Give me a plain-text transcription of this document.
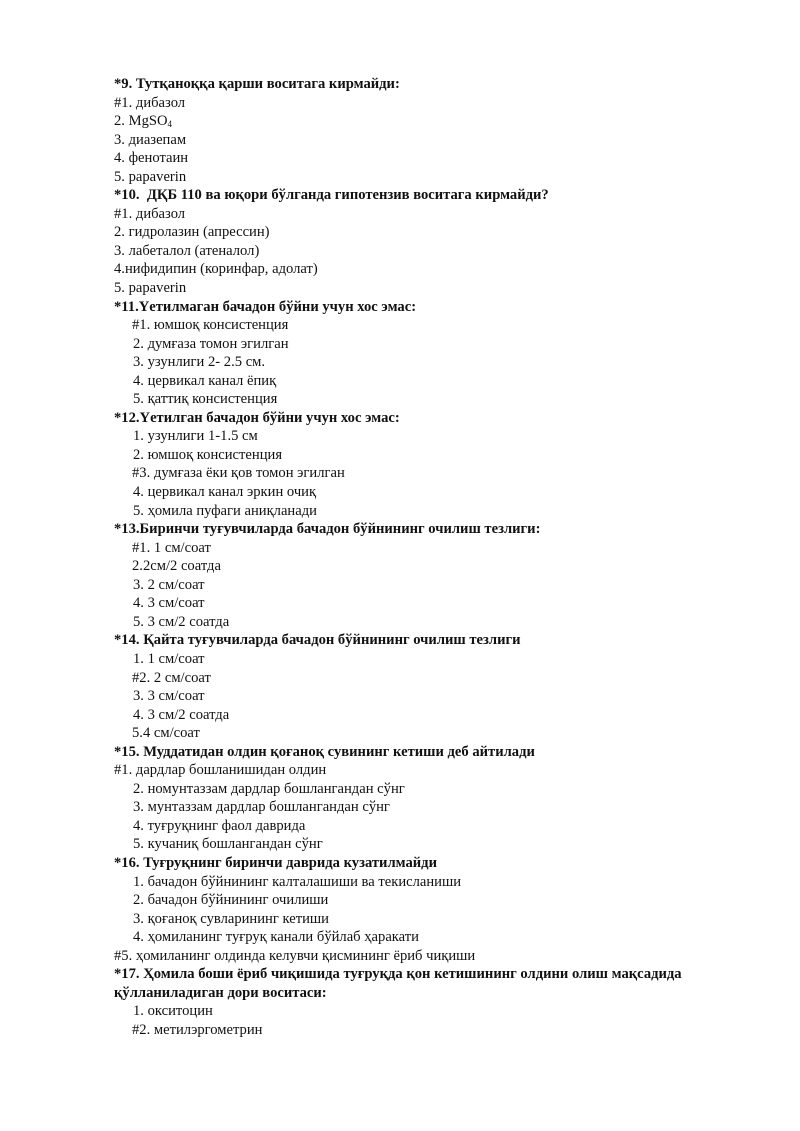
*9. Тутқаноққа қарши воситага кирмайди:
#1. дибазол
2. MgSO$_4$
3. диазепам
4. фенотаин
5. papaverin
*10.  ДҚБ 110 ва юқори бўлганда гипотензив воситага кирмайди?
#1. дибазол
2. гидролазин (апрессин)
3. лабеталол (атеналол)
4.нифидипин (коринфар, адолат)
5. papaverin
*11.Yетилмаган бачадон бўйни учун хос эмас:
#1. юмшоқ консистенция
2. думғаза томон эгилган
3. узунлиги 2- 2.5 см.
4. цервикал канал ёпиқ
5. қаттиқ консистенция
*12.Yетилган бачадон бўйни учун хос эмас:
1. узунлиги 1-1.5 см
2. юмшоқ консистенция
#3. думғаза ёки қов томон эгилган
4. цервикал канал эркин очиқ
5. ҳомила пуфаги аниқланади
*13.Биринчи туғувчиларда бачадон бўйнининг очилиш тезлиги:
#1. 1 см/соат
2.2см/2 соатда
3. 2 см/соат
4. 3 см/соат
5. 3 см/2 соатда
*14. Қайта туғувчиларда бачадон бўйнининг очилиш тезлиги
1. 1 см/соат
#2. 2 см/соат
3. 3 см/соат
4. 3 см/2 соатда
5.4 см/соат
*15. Муддатидан олдин қоғаноқ сувининг кетиши деб айтилади
#1. дардлар бошланишидан олдин
2. номунтаззам дардлар бошлангандан сўнг
3. мунтаззам дардлар бошлангандан сўнг
4. туғруқнинг фаол даврида
5. кучаниқ бошлангандан сўнг
*16. Туғруқнинг биринчи даврида кузатилмайди
1. бачадон бўйнининг калталашиши ва текисланиши
2. бачадон бўйнининг очилиши
3. қоғаноқ сувларининг кетиши
4. ҳомиланинг туғруқ канали бўйлаб ҳаракати
#5. ҳомиланинг олдинда келувчи қисмининг ёриб чиқиши
*17. Ҳомила боши ёриб чиқишида туғруқда қон кетишининг олдини олиш мақсадида қўлланиладиган дори воситаси:
1. окситоцин
#2. метилэргометрин
